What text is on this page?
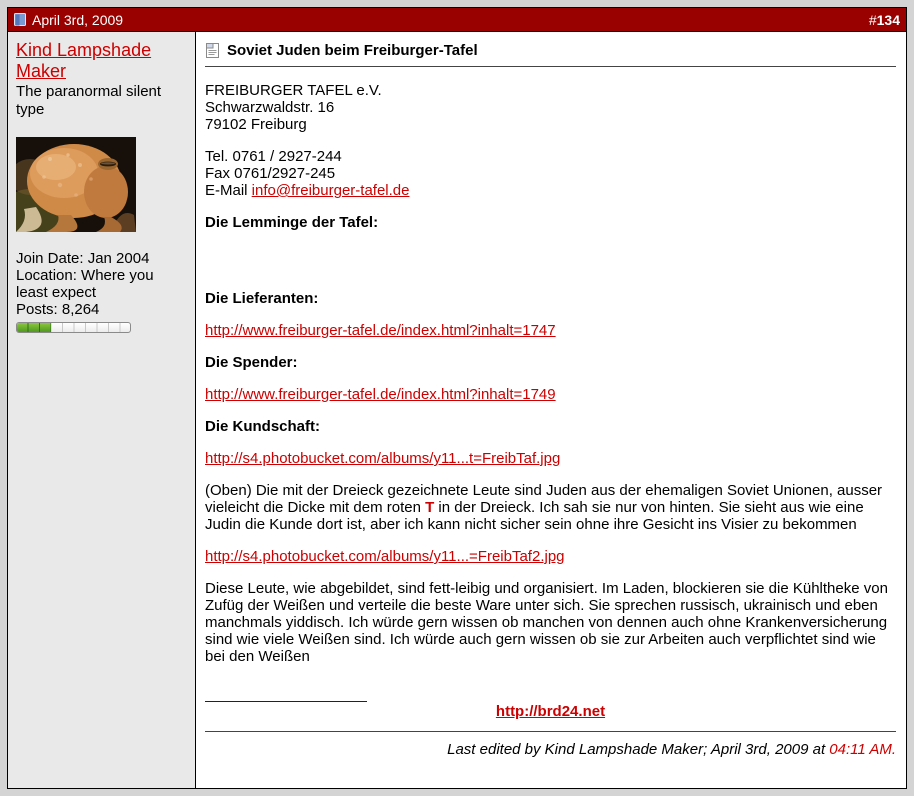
April 3rd, 2009	#134
Kind Lampshade Maker
The paranormal silent type
Join Date: Jan 2004
Location: Where you least expect
Posts: 8,264
Soviet Juden beim Freiburger-Tafel

FREIBURGER TAFEL e.V.
Schwarzwaldstr. 16
79102 Freiburg

Tel. 0761 / 2927-244
Fax 0761/2927-245
E-Mail info@freiburger-tafel.de

Die Lemminge der Tafel:

Die Lieferanten:

http://www.freiburger-tafel.de/index.html?inhalt=1747

Die Spender:

http://www.freiburger-tafel.de/index.html?inhalt=1749

Die Kundschaft:

http://s4.photobucket.com/albums/y11...t=FreibTaf.jpg

(Oben) Die mit der Dreieck gezeichnete Leute sind Juden aus der ehemaligen Soviet Unionen, ausser vieleicht die Dicke mit dem roten T in der Dreieck. Ich sah sie nur von hinten. Sie sieht aus wie eine Judin die Kunde dort ist, aber ich kann nicht sicher sein ohne ihre Gesicht ins Visier zu bekommen

http://s4.photobucket.com/albums/y11...=FreibTaf2.jpg

Diese Leute, wie abgebildet, sind fett-leibig und organisiert. Im Laden, blockieren sie die Kühltheke von Zufüg der Weißen und verteile die beste Ware unter sich. Sie sprechen russisch, ukrainisch und eben manchmals yiddisch. Ich würde gern wissen ob manchen von dennen auch ohne Krankenversicherung sind wie viele Weißen sind. Ich würde auch gern wissen ob sie zur Arbeiten auch verpflichtet sind wie bei den Weißen

http://brd24.net
Last edited by Kind Lampshade Maker; April 3rd, 2009 at 04:11 AM.
